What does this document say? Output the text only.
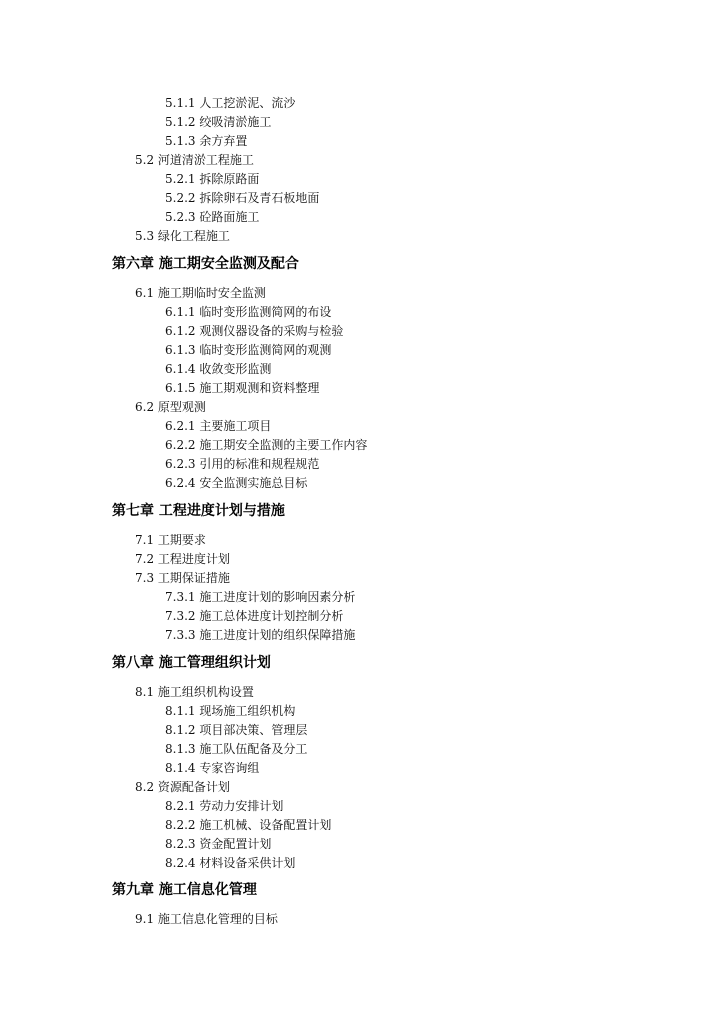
5.1.1 人工挖淤泥、流沙
5.1.2 绞吸清淤施工
5.1.3 余方弃置
5.2 河道清淤工程施工
5.2.1 拆除原路面
5.2.2 拆除卵石及青石板地面
5.2.3 砼路面施工
5.3 绿化工程施工
第六章 施工期安全监测及配合
6.1 施工期临时安全监测
6.1.1 临时变形监测简网的布设
6.1.2 观测仪器设备的采购与检验
6.1.3 临时变形监测简网的观测
6.1.4 收敛变形监测
6.1.5 施工期观测和资料整理
6.2 原型观测
6.2.1 主要施工项目
6.2.2 施工期安全监测的主要工作内容
6.2.3 引用的标准和规程规范
6.2.4 安全监测实施总目标
第七章 工程进度计划与措施
7.1 工期要求
7.2 工程进度计划
7.3 工期保证措施
7.3.1 施工进度计划的影响因素分析
7.3.2 施工总体进度计划控制分析
7.3.3 施工进度计划的组织保障措施
第八章 施工管理组织计划
8.1 施工组织机构设置
8.1.1 现场施工组织机构
8.1.2 项目部决策、管理层
8.1.3 施工队伍配备及分工
8.1.4 专家咨询组
8.2 资源配备计划
8.2.1 劳动力安排计划
8.2.2 施工机械、设备配置计划
8.2.3 资金配置计划
8.2.4 材料设备采供计划
第九章 施工信息化管理
9.1 施工信息化管理的目标
